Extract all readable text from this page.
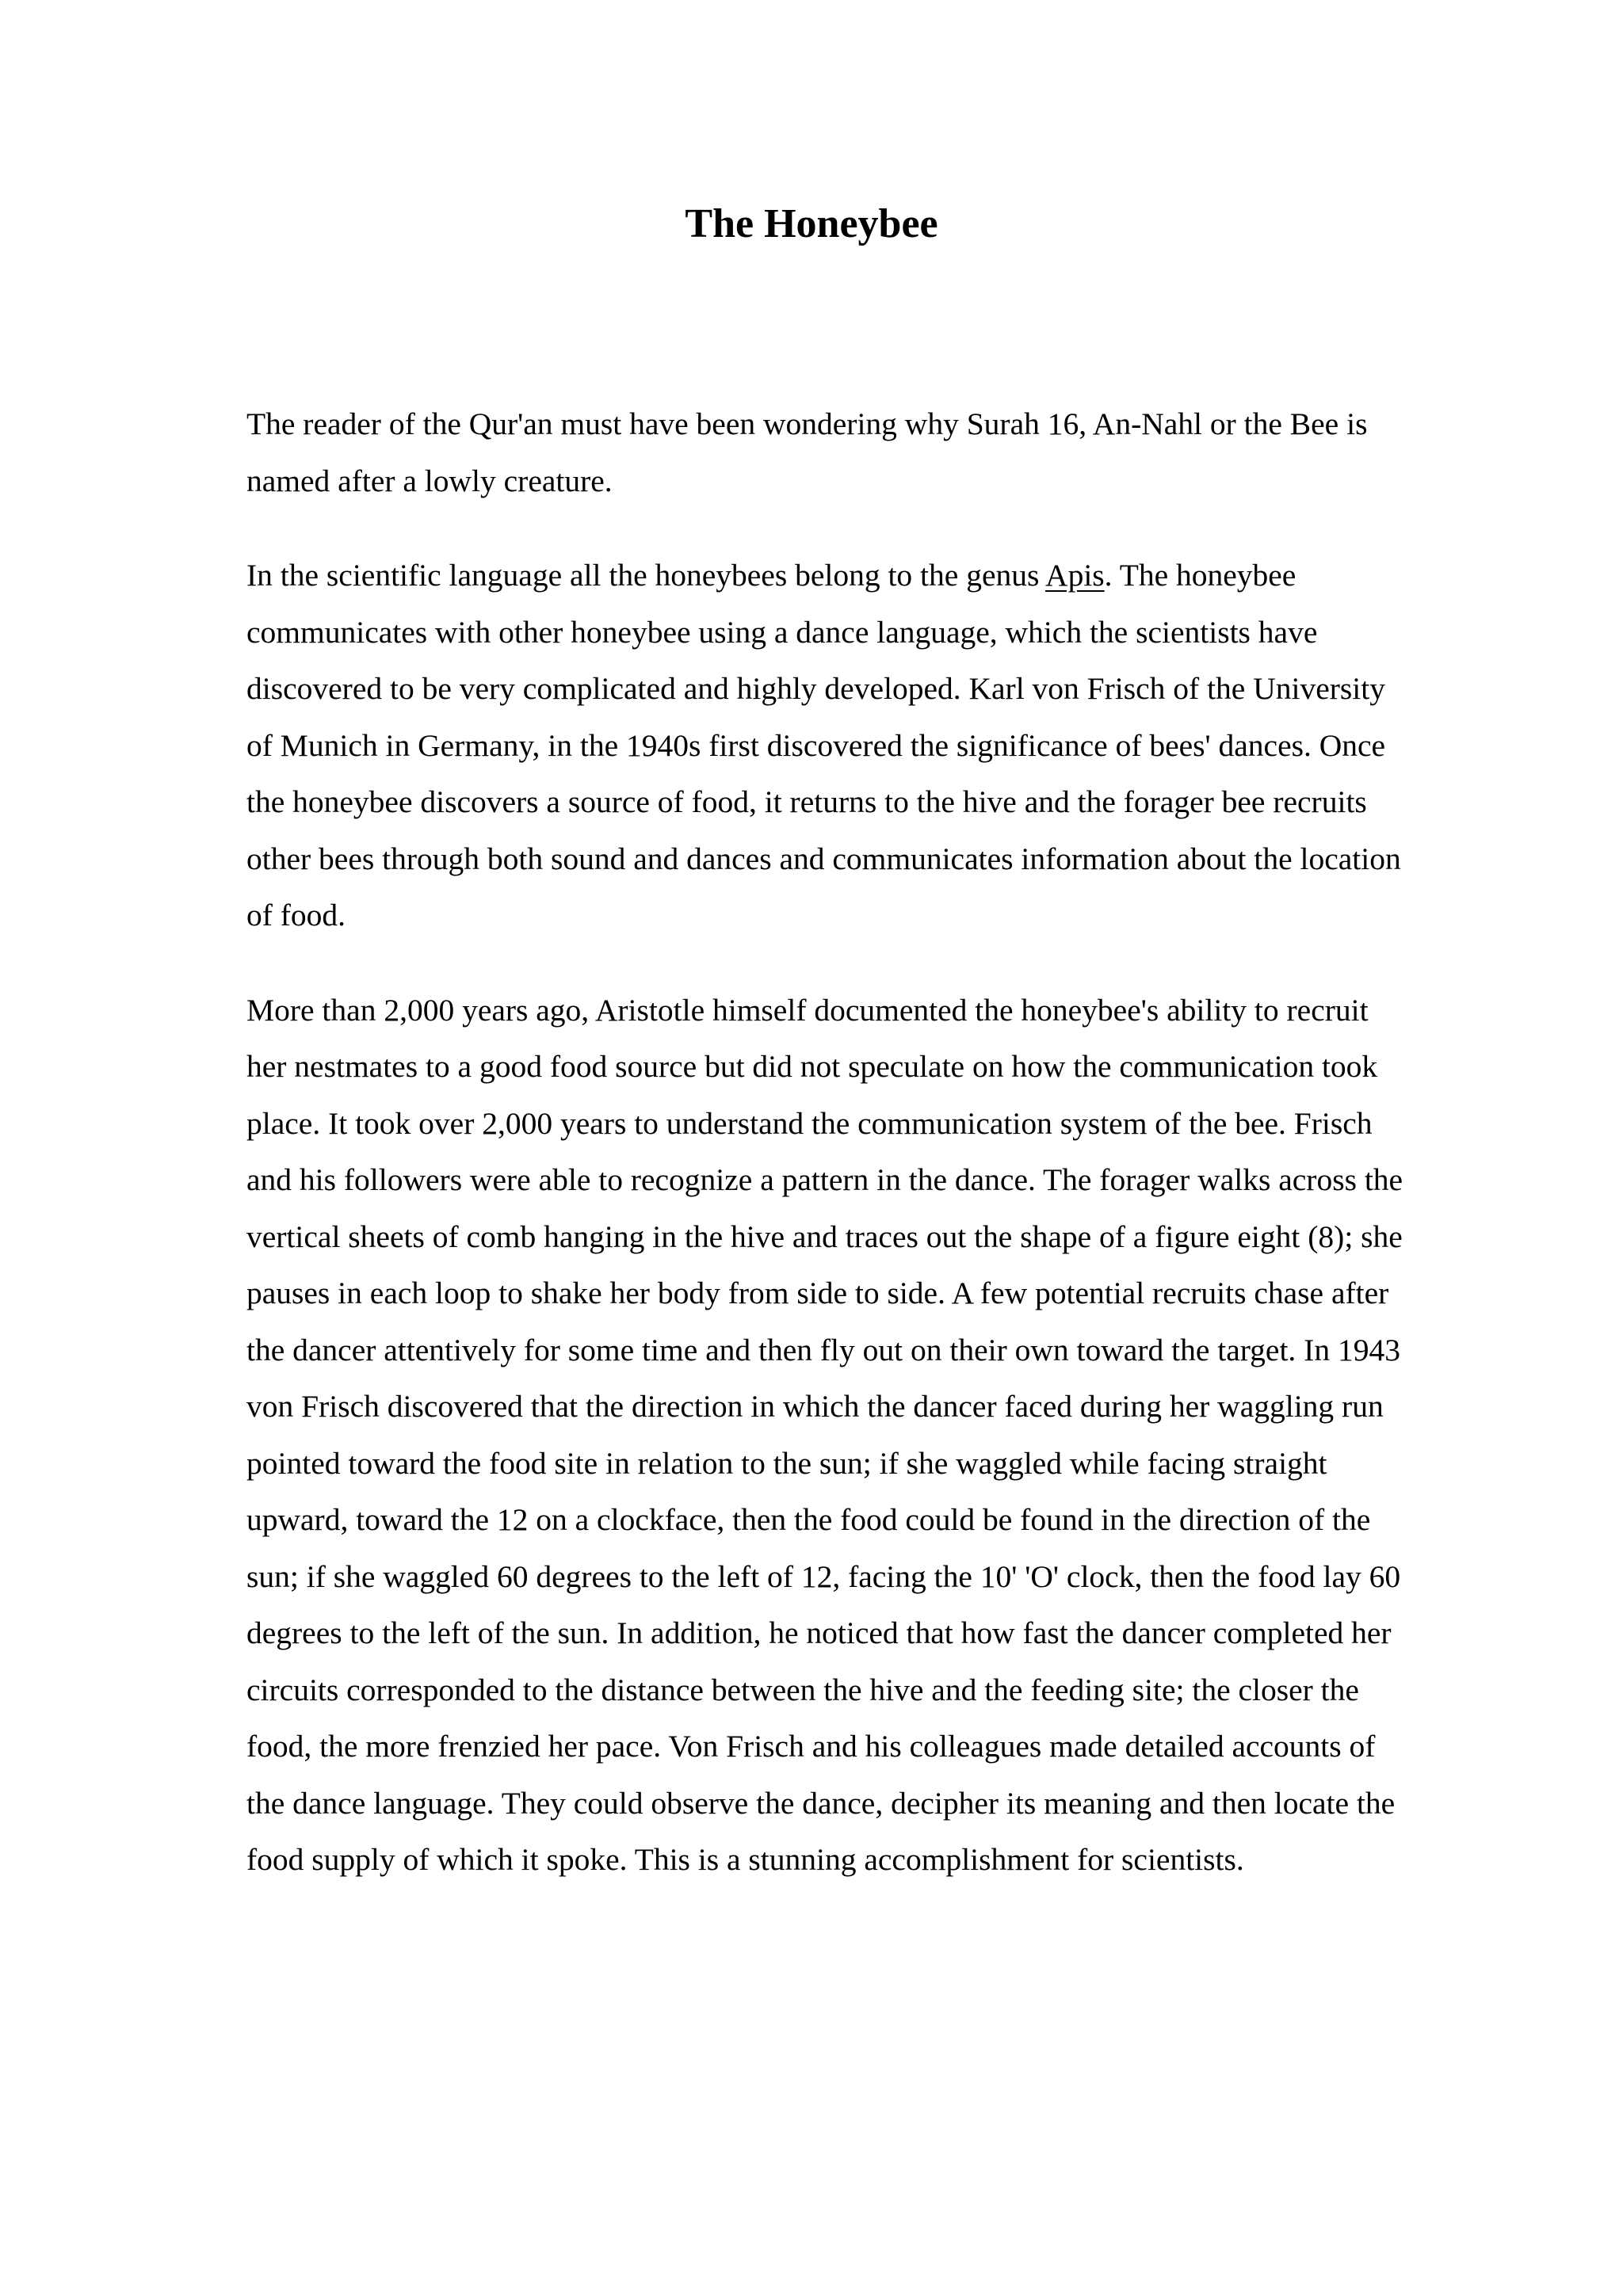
The Honeybee

The reader of the Qur'an must have been wondering why Surah 16, An-Nahl or the Bee is named after a lowly creature.

In the scientific language all the honeybees belong to the genus Apis. The honeybee communicates with other honeybee using a dance language, which the scientists have discovered to be very complicated and highly developed. Karl von Frisch of the University of Munich in Germany, in the 1940s first discovered the significance of bees' dances. Once the honeybee discovers a source of food, it returns to the hive and the forager bee recruits other bees through both sound and dances and communicates information about the location of food.

More than 2,000 years ago, Aristotle himself documented the honeybee's ability to recruit her nestmates to a good food source but did not speculate on how the communication took place. It took over 2,000 years to understand the communication system of the bee. Frisch and his followers were able to recognize a pattern in the dance. The forager walks across the vertical sheets of comb hanging in the hive and traces out the shape of a figure eight (8); she pauses in each loop to shake her body from side to side. A few potential recruits chase after the dancer attentively for some time and then fly out on their own toward the target. In 1943 von Frisch discovered that the direction in which the dancer faced during her waggling run pointed toward the food site in relation to the sun; if she waggled while facing straight upward, toward the 12 on a clockface, then the food could be found in the direction of the sun; if she waggled 60 degrees to the left of 12, facing the 10' 'O' clock, then the food lay 60 degrees to the left of the sun. In addition, he noticed that how fast the dancer completed her circuits corresponded to the distance between the hive and the feeding site; the closer the food, the more frenzied her pace. Von Frisch and his colleagues made detailed accounts of the dance language. They could observe the dance, decipher its meaning and then locate the food supply of which it spoke. This is a stunning accomplishment for scientists.
